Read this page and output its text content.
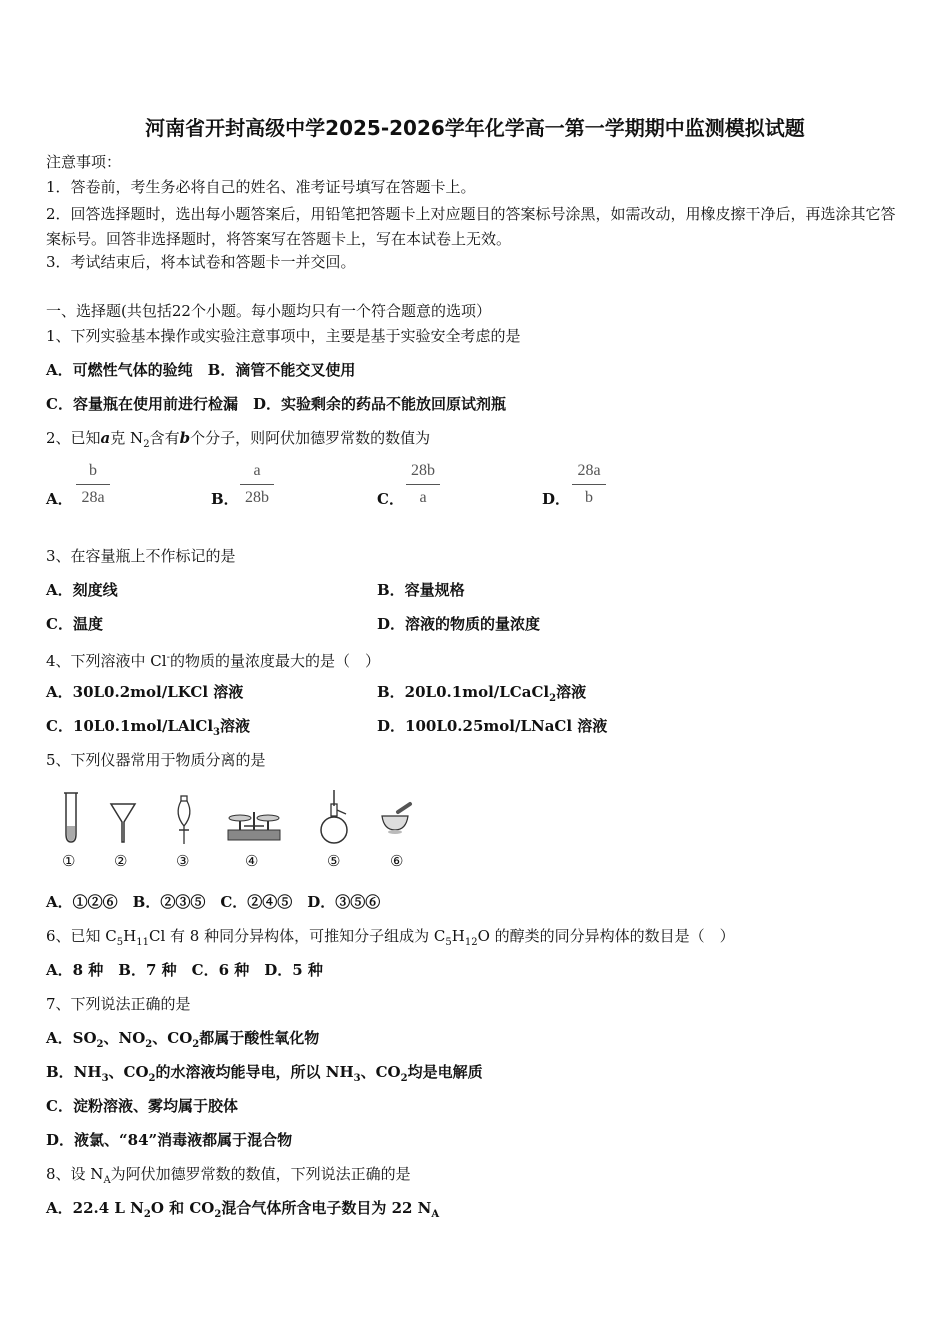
河南省开封高级中学2025-2026学年化学高一第一学期期中监测模拟试题
注意事项：
1．答卷前，考生务必将自己的姓名、准考证号填写在答题卡上。
2．回答选择题时，选出每小题答案后，用铅笔把答题卡上对应题目的答案标号涂黑，如需改动，用橡皮擦干净后，再选涂其它答案标号。回答非选择题时，将答案写在答题卡上，写在本试卷上无效。
3．考试结束后，将本试卷和答题卡一并交回。
一、选择题(共包括22个小题。每小题均只有一个符合题意的选项）
1、下列实验基本操作或实验注意事项中，主要是基于实验安全考虑的是
A．可燃性气体的验纯　B．滴管不能交叉使用
C．容量瓶在使用前进行检漏　D．实验剩余的药品不能放回原试剂瓶
2、已知a克 $N_2$含有b个分子，则阿伏加德罗常数的数值为
A． $\frac{b}{28a}$	B． $\frac{a}{28b}$	C． $\frac{28b}{a}$	D． $\frac{28a}{b}$
3、在容量瓶上不作标记的是
A．刻度线	B．容量规格
C．温度	D．溶液的物质的量浓度
4、下列溶液中 Cl-的物质的量浓度最大的是（　）
A．30L0.2mol/LKCl 溶液	B．20L0.1mol/LCaCl$_2$溶液
C．10L0.1mol/LAlCl$_3$溶液	D．100L0.25mol/LNaCl 溶液
5、下列仪器常用于物质分离的是
①	②	③	④	⑤	⑥
A．①②⑥　B．②③⑤　C．②④⑤　D．③⑤⑥
6、已知 $C_5H_{11}Cl$ 有 8 种同分异构体，可推知分子组成为 $C_5H_{12}O$ 的醇类的同分异构体的数目是（　）
A．8 种　B．7 种　C．6 种　D．5 种
7、下列说法正确的是
A．$SO_2$、$NO_2$、$CO_2$都属于酸性氧化物
B．$NH_3$、$CO_2$的水溶液均能导电，所以 $NH_3$、$CO_2$均是电解质
C．淀粉溶液、雾均属于胶体
D．液氯、“84”消毒液都属于混合物
8、设 $N_A$为阿伏加德罗常数的数值，下列说法正确的是
A．22.4 L $N_2O$ 和 $CO_2$混合气体所含电子数目为 22 $N_A$
